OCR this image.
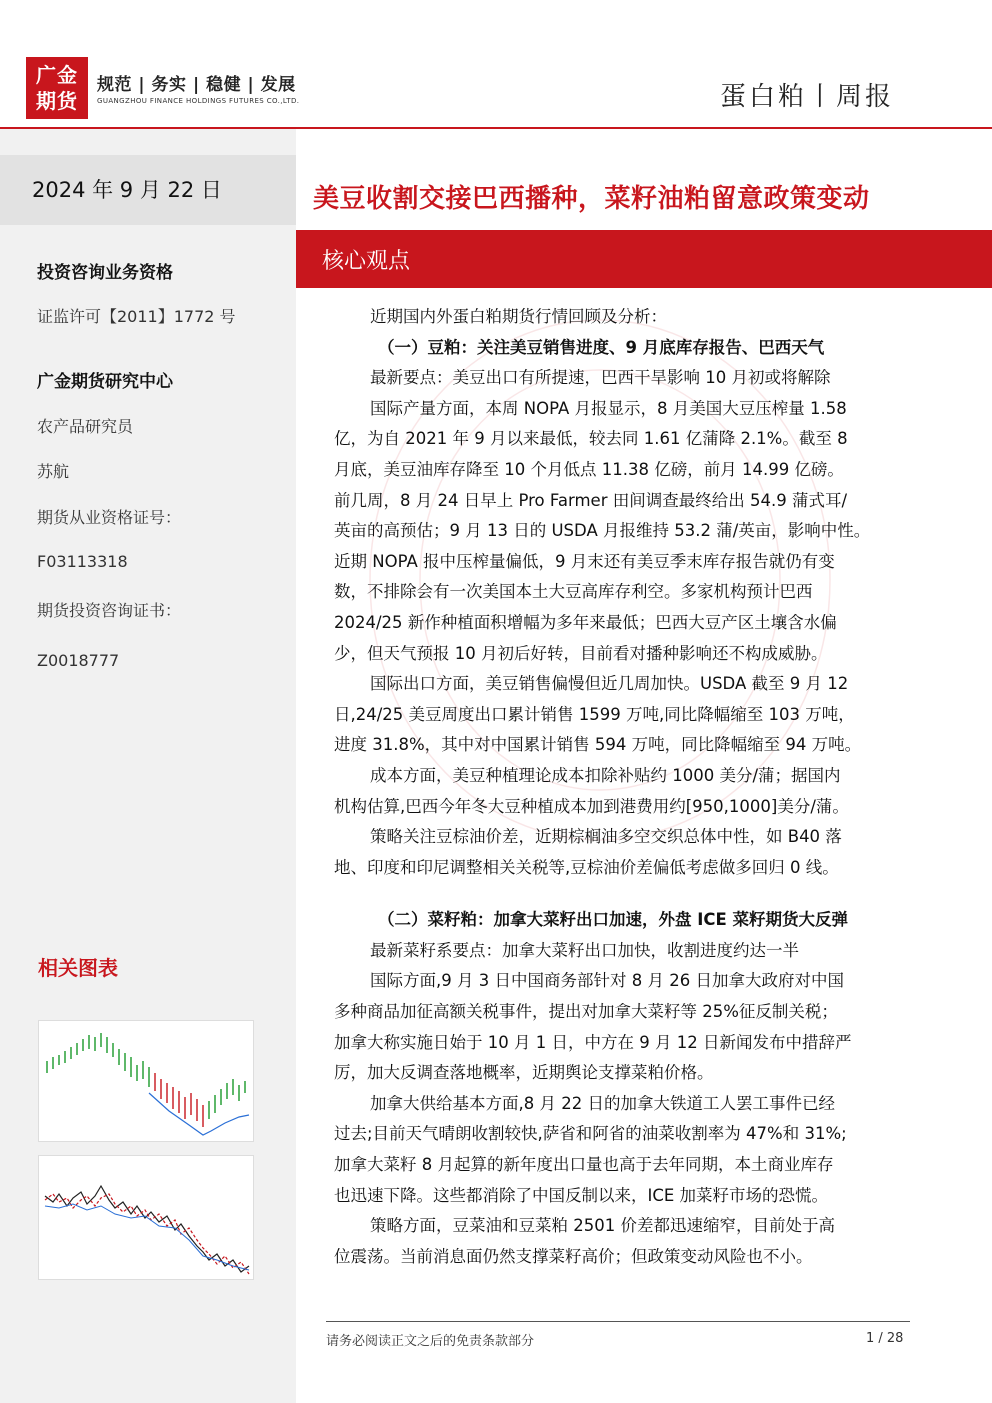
广金
期货
规范 | 务实 | 稳健 | 发展
GUANGZHOU FINANCE HOLDINGS FUTURES CO.,LTD.	蛋白粕丨周报
2024 年 9 月 22 日
投资咨询业务资格
证监许可【2011】1772 号
广金期货研究中心
农产品研究员
苏航
期货从业资格证号：
F03113318
期货投资咨询证书：
Z0018777
相关图表
美豆收割交接巴西播种，菜籽油粕留意政策变动
核心观点

近期国内外蛋白粕期货行情回顾及分析：

（一）豆粕：关注美豆销售进度、9 月底库存报告、巴西天气

最新要点：美豆出口有所提速，巴西干旱影响 10 月初或将解除

国际产量方面，本周 NOPA 月报显示，8 月美国大豆压榨量 1.58

亿，为自 2021 年 9 月以来最低，较去同 1.61 亿蒲降 2.1%。截至 8

月底，美豆油库存降至 10 个月低点 11.38 亿磅，前月 14.99 亿磅。

前几周，8 月 24 日早上 Pro Farmer 田间调查最终给出 54.9 蒲式耳/

英亩的高预估；9 月 13 日的 USDA 月报维持 53.2 蒲/英亩，影响中性。

近期 NOPA 报中压榨量偏低，9 月末还有美豆季末库存报告就仍有变

数，不排除会有一次美国本土大豆高库存利空。多家机构预计巴西

2024/25 新作种植面积增幅为多年来最低；巴西大豆产区土壤含水偏

少，但天气预报 10 月初后好转，目前看对播种影响还不构成威胁。

国际出口方面，美豆销售偏慢但近几周加快。USDA 截至 9 月 12

日,24/25 美豆周度出口累计销售 1599 万吨,同比降幅缩至 103 万吨，

进度 31.8%，其中对中国累计销售 594 万吨，同比降幅缩至 94 万吨。

成本方面，美豆种植理论成本扣除补贴约 1000 美分/蒲；据国内

机构估算,巴西今年冬大豆种植成本加到港费用约[950,1000]美分/蒲。

策略关注豆棕油价差，近期棕榈油多空交织总体中性，如 B40 落

地、印度和印尼调整相关关税等,豆棕油价差偏低考虑做多回归 0 线。

（二）菜籽粕：加拿大菜籽出口加速，外盘 ICE 菜籽期货大反弹

最新菜籽系要点：加拿大菜籽出口加快，收割进度约达一半

国际方面,9 月 3 日中国商务部针对 8 月 26 日加拿大政府对中国

多种商品加征高额关税事件，提出对加拿大菜籽等 25%征反制关税；

加拿大称实施日始于 10 月 1 日，中方在 9 月 12 日新闻发布中措辞严

厉，加大反调查落地概率，近期舆论支撑菜粕价格。

加拿大供给基本方面,8 月 22 日的加拿大铁道工人罢工事件已经

过去;目前天气晴朗收割较快,萨省和阿省的油菜收割率为 47%和 31%;

加拿大菜籽 8 月起算的新年度出口量也高于去年同期，本土商业库存

也迅速下降。这些都消除了中国反制以来，ICE 加菜籽市场的恐慌。

策略方面，豆菜油和豆菜粕 2501 价差都迅速缩窄，目前处于高

位震荡。当前消息面仍然支撑菜籽高价；但政策变动风险也不小。

请务必阅读正文之后的免责条款部分	1 / 28
